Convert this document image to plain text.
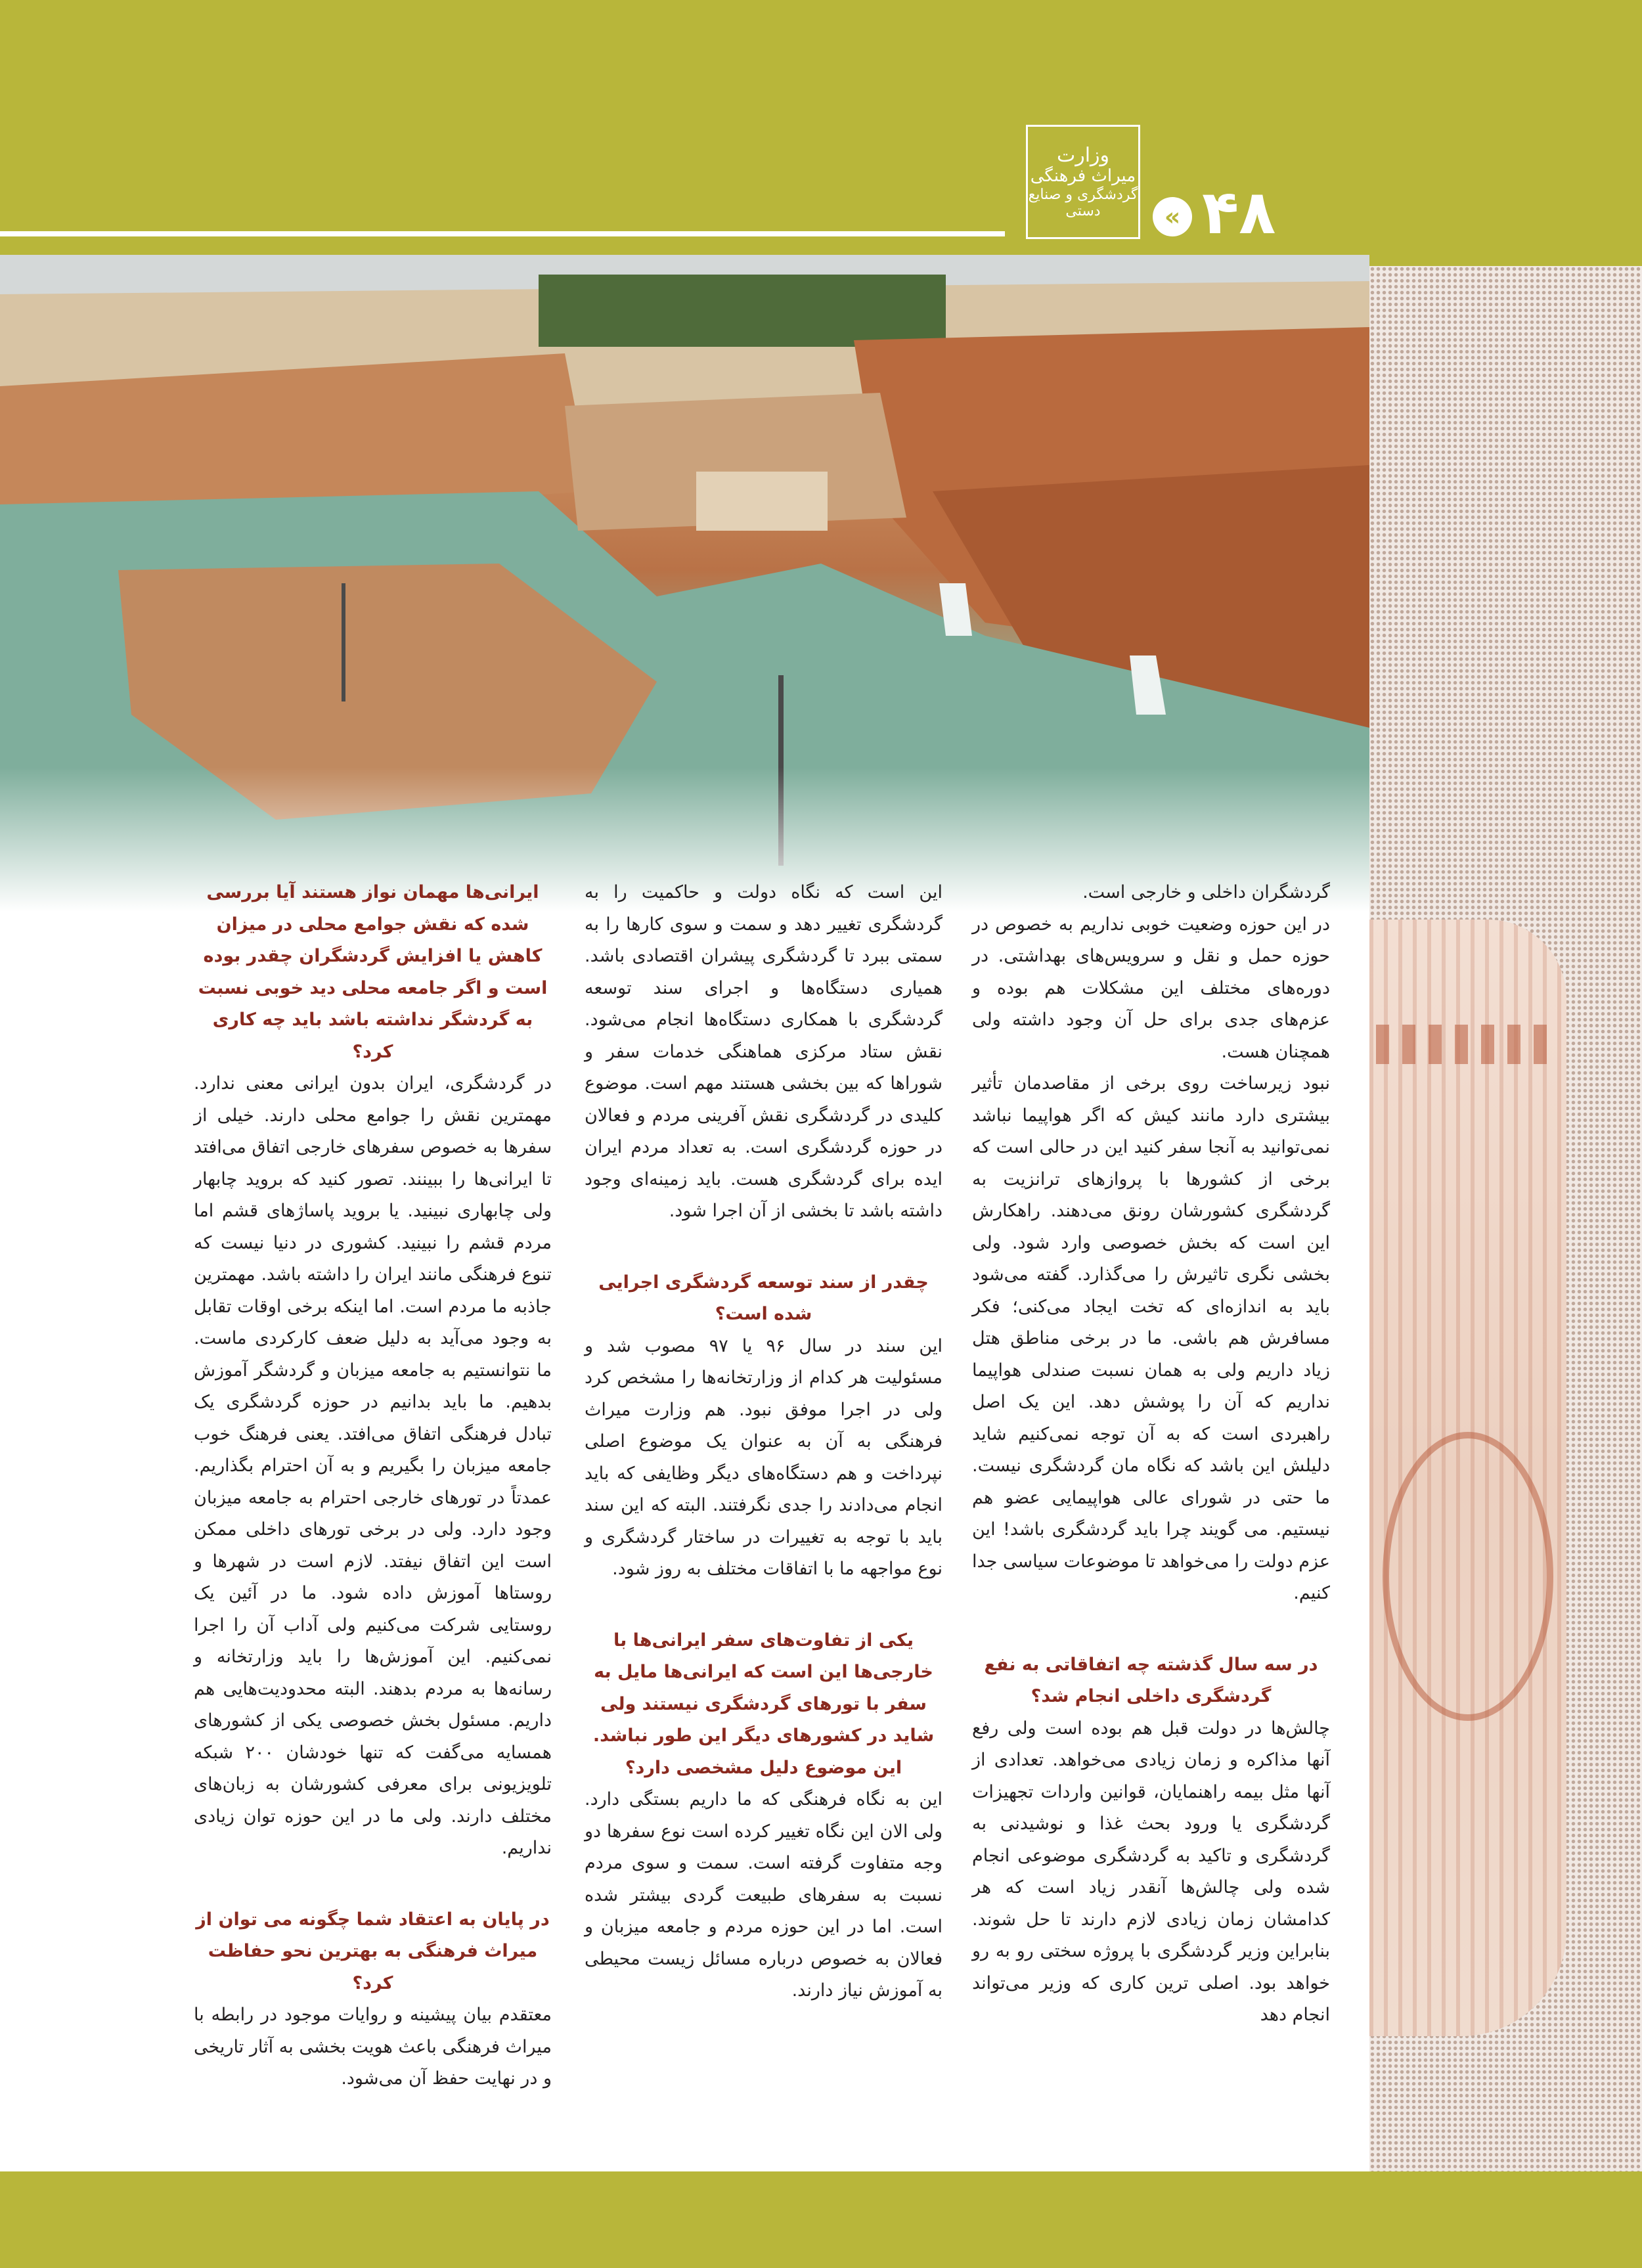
وزارت
میراث فرهنگی
گردشگری و صنایع دستی	« ۴۸

گردشگران داخلی و خارجی است.

در این حوزه وضعیت خوبی نداریم به خصوص در حوزه حمل و نقل و سرویس‌های بهداشتی. در دوره‌های مختلف این مشکلات هم بوده و عزم‌های جدی برای حل آن وجود داشته ولی همچنان هست.

نبود زیرساخت روی برخی از مقاصدمان تأثیر بیشتری دارد مانند کیش که اگر هواپیما نباشد نمی‌توانید به آنجا سفر کنید این در حالی است که برخی از کشورها با پروازهای ترانزیت به گردشگری کشورشان رونق می‌دهند. راهکارش این است که بخش خصوصی وارد شود. ولی بخشی نگری تاثیرش را می‌گذارد. گفته می‌شود باید به اندازه‌ای که تخت ایجاد می‌کنی؛ فکر مسافرش هم باشی. ما در برخی مناطق هتل زیاد داریم ولی به همان نسبت صندلی هواپیما نداریم که آن را پوشش دهد. این یک اصل راهبردی است که به آن توجه نمی‌کنیم شاید دلیلش این باشد که نگاه مان گردشگری نیست. ما حتی در شورای عالی هواپیمایی عضو هم نیستیم. می گویند چرا باید گردشگری باشد! این عزم دولت را می‌خواهد تا موضوعات سیاسی جدا کنیم.

در سه سال گذشته چه اتفاقاتی به نفع گردشگری داخلی انجام شد؟

چالش‌ها در دولت قبل هم بوده است ولی رفع آنها مذاکره و زمان زیادی می‌خواهد. تعدادی از آنها مثل بیمه راهنمایان، قوانین واردات تجهیزات گردشگری یا ورود بحث غذا و نوشیدنی به گردشگری و تاکید به گردشگری موضوعی انجام شده ولی چالش‌ها آنقدر زیاد است که هر کدامشان زمان زیادی لازم دارند تا حل شوند. بنابراین وزیر گردشگری با پروژه سختی رو به رو خواهد بود. اصلی ترین کاری که وزیر می‌تواند انجام دهد

این است که نگاه دولت و حاکمیت را به گردشگری تغییر دهد و سمت و سوی کارها را به سمتی ببرد تا گردشگری پیشران اقتصادی باشد. همیاری دستگاه‌ها و اجرای سند توسعه گردشگری با همکاری دستگاه‌ها انجام می‌شود. نقش ستاد مرکزی هماهنگی خدمات سفر و شوراها که بین بخشی هستند مهم است. موضوع کلیدی در گردشگری نقش آفرینی مردم و فعالان در حوزه گردشگری است. به تعداد مردم ایران ایده برای گردشگری هست. باید زمینه‌ای وجود داشته باشد تا بخشی از آن اجرا شود.

چقدر از سند توسعه گردشگری اجرایی شده است؟

این سند در سال ۹۶ یا ۹۷ مصوب شد و مسئولیت هر کدام از وزارتخانه‌ها را مشخص کرد ولی در اجرا موفق نبود. هم وزارت میراث فرهنگی به آن به عنوان یک موضوع اصلی نپرداخت و هم دستگاه‌های دیگر وظایفی که باید انجام می‌دادند را جدی نگرفتند. البته که این سند باید با توجه به تغییرات در ساختار گردشگری و نوع مواجهه ما با اتفاقات مختلف به روز شود.

یکی از تفاوت‌های سفر ایرانی‌ها با خارجی‌ها این است که ایرانی‌ها مایل به سفر با تورهای گردشگری نیستند ولی شاید در کشورهای دیگر این طور نباشد. این موضوع دلیل مشخصی دارد؟

این به نگاه فرهنگی که ما داریم بستگی دارد. ولی الان این نگاه تغییر کرده است نوع سفرها دو وجه متفاوت گرفته است. سمت و سوی مردم نسبت به سفرهای طبیعت گردی بیشتر شده است. اما در این حوزه مردم و جامعه میزبان و فعالان به خصوص درباره مسائل زیست محیطی به آموزش نیاز دارند.

ایرانی‌ها مهمان نواز هستند آیا بررسی شده که نقش جوامع محلی در میزان کاهش یا افزایش گردشگران چقدر بوده است و اگر جامعه محلی دید خوبی نسبت به گردشگر نداشته باشد باید چه کاری کرد؟

در گردشگری، ایران بدون ایرانی معنی ندارد. مهمترین نقش را جوامع محلی دارند. خیلی از سفرها به خصوص سفرهای خارجی اتفاق می‌افتد تا ایرانی‌ها را ببینند. تصور کنید که بروید چابهار ولی چابهاری نبینید. یا بروید پاساژهای قشم اما مردم قشم را نبینید. کشوری در دنیا نیست که تنوع فرهنگی مانند ایران را داشته باشد. مهمترین جاذبه ما مردم است. اما اینکه برخی اوقات تقابل به وجود می‌آید به دلیل ضعف کارکردی ماست. ما نتوانستیم به جامعه میزبان و گردشگر آموزش بدهیم. ما باید بدانیم در حوزه گردشگری یک تبادل فرهنگی اتفاق می‌افتد. یعنی فرهنگ خوب جامعه میزبان را بگیریم و به آن احترام بگذاریم. عمدتاً در تورهای خارجی احترام به جامعه میزبان وجود دارد. ولی در برخی تورهای داخلی ممکن است این اتفاق نیفتد. لازم است در شهرها و روستاها آموزش داده شود. ما در آئین یک روستایی شرکت می‌کنیم ولی آداب آن را اجرا نمی‌کنیم. این آموزش‌ها را باید وزارتخانه و رسانه‌ها به مردم بدهند. البته محدودیت‌هایی هم داریم. مسئول بخش خصوصی یکی از کشورهای همسایه می‌گفت که تنها خودشان ۲۰۰ شبکه تلویزیونی برای معرفی کشورشان به زبان‌های مختلف دارند. ولی ما در این حوزه توان زیادی نداریم.

در پایان به اعتقاد شما چگونه می توان از میراث فرهنگی به بهترین نحو حفاظت کرد؟

معتقدم بیان پیشینه و روایات موجود در رابطه با میراث فرهنگی باعث هویت بخشی به آثار تاریخی و در نهایت حفظ آن می‌شود.
